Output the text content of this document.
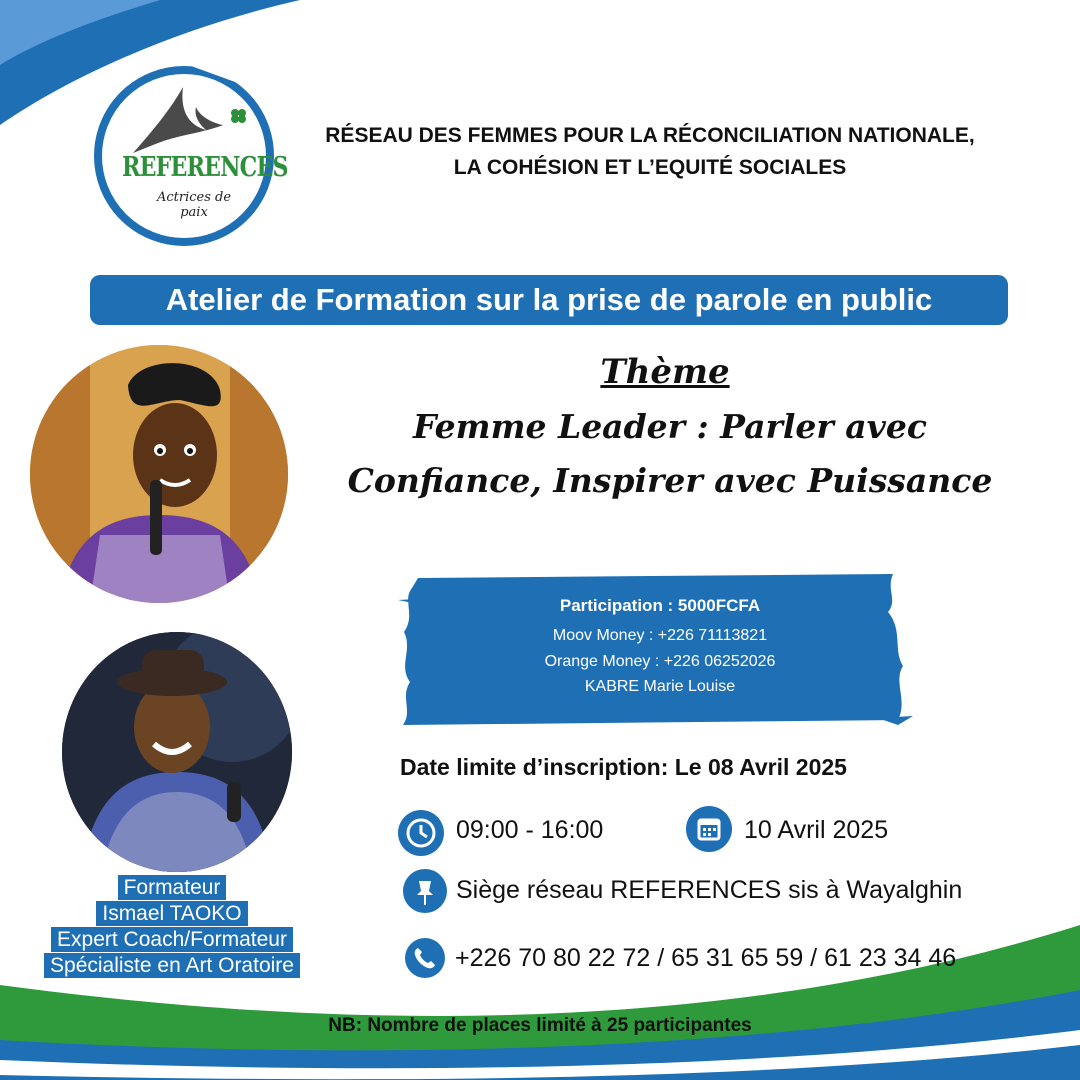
REFERENCES
Actrices de paix
RÉSEAU DES FEMMES POUR LA RÉCONCILIATION NATIONALE,
LA COHÉSION ET L’EQUITÉ SOCIALES
Atelier de Formation sur la prise de parole en public
Formateur
Ismael TAOKO
Expert Coach/Formateur
Spécialiste en Art Oratoire
Thème
Femme Leader : Parler avec
Confiance, Inspirer avec Puissance
Participation : 5000FCFA
Moov Money : +226 71113821
Orange Money : +226 06252026
KABRE Marie Louise
Date limite d’inscription: Le 08 Avril 2025
09:00 - 16:00	10 Avril 2025
Siège réseau REFERENCES sis à Wayalghin
+226 70 80 22 72 / 65 31 65 59 / 61 23 34 46
NB: Nombre de places limité à 25 participantes
